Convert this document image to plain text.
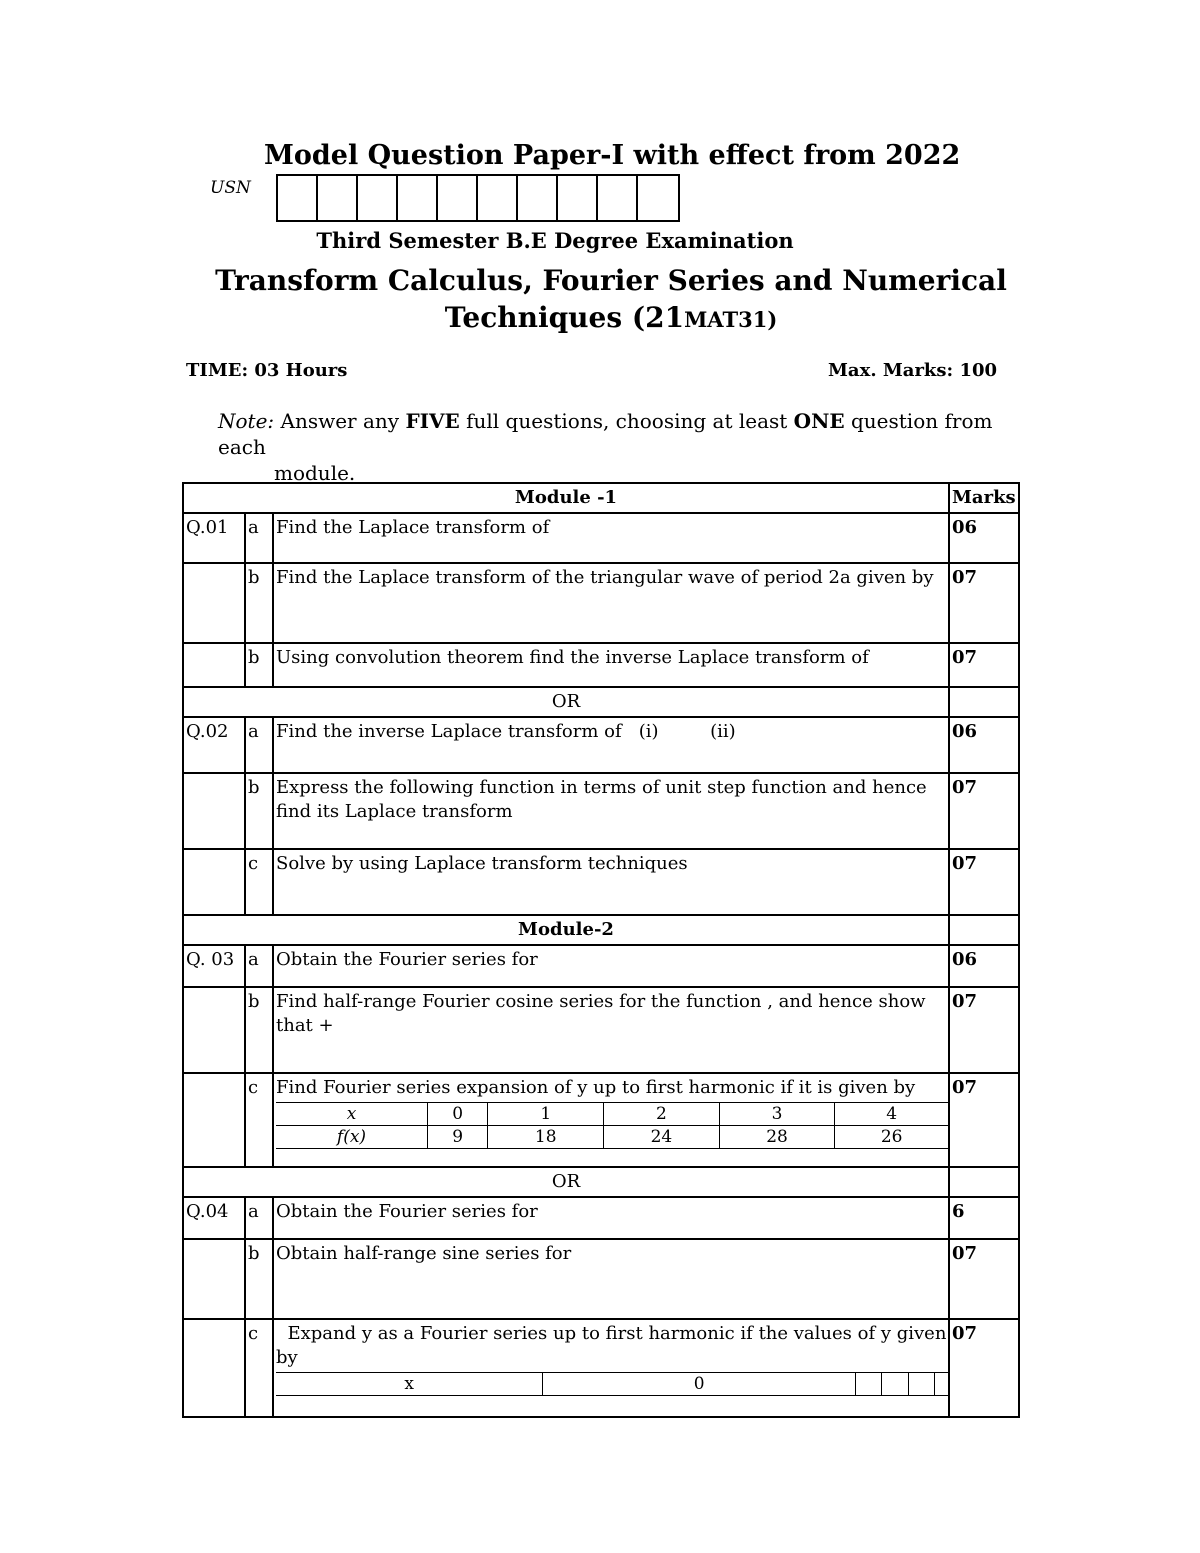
Model Question Paper-I with effect from 2022
USN
Third Semester B.E Degree Examination
Transform Calculus, Fourier Series and Numerical
Techniques (21MAT31)
TIME: 03 Hours	Max. Marks: 100
Note: Answer any FIVE full questions, choosing at least ONE question from each
module.
Module -1	Marks
Q.01	a	Find the Laplace transform of	06
	b	Find the Laplace transform of the triangular wave of period 2a given by	07
	b	Using convolution theorem find the inverse Laplace transform of	07
OR	
Q.02	a	Find the inverse Laplace transform of   (i)         (ii)	06
	b	Express the following function in terms of unit step function and hence find its Laplace transform	07
	c	Solve by using Laplace transform techniques	07
Module-2	
Q. 03	a	Obtain the Fourier series for	06
	b	Find half-range Fourier cosine series for the function , and hence show that +	07
	c	Find Fourier series expansion of y up to first harmonic if it is given by
x	0	1	2	3	4
f(x)	9	18	24	28	26
	07
OR	
Q.04	a	Obtain the Fourier series for	6
	b	Obtain half-range sine series for	07
	c	Expand y as a Fourier series up to first harmonic if the values of y given by
x	0				
	07
